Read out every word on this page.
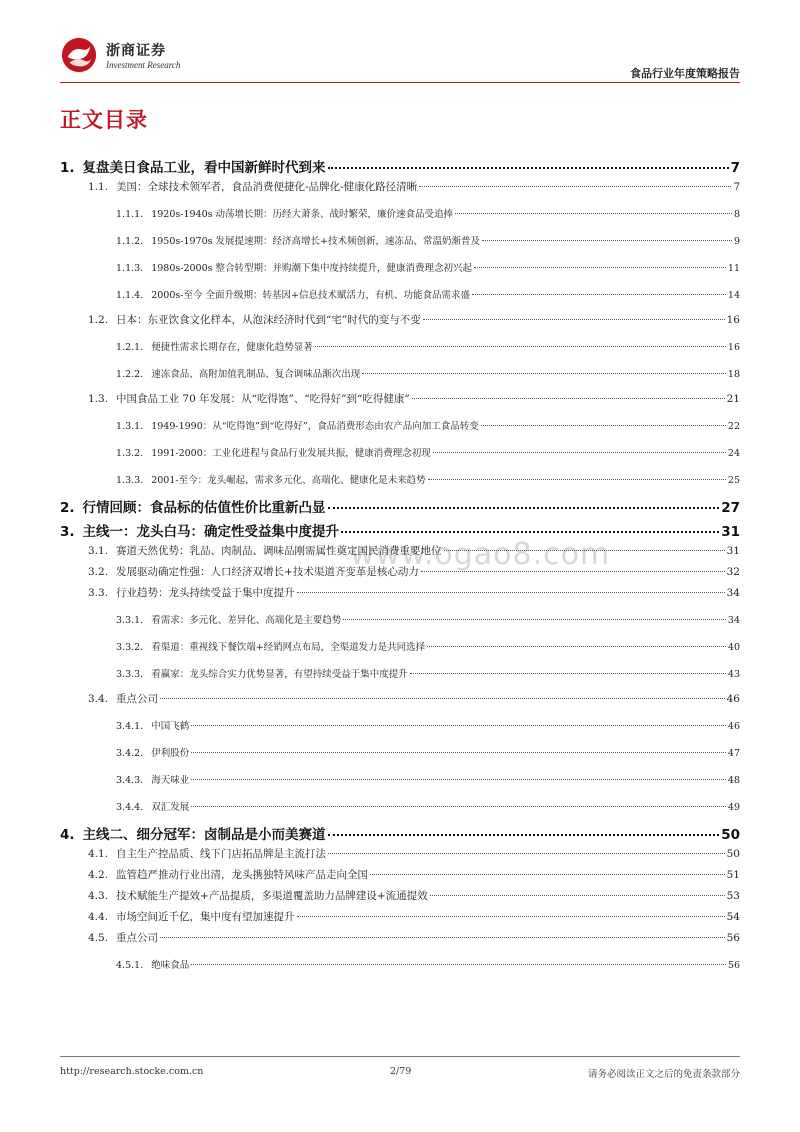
浙商证券
Investment Research
食品行业年度策略报告
正文目录
www.ogao8.com
1. 复盘美日食品工业，看中国新鲜时代到来	7
1.1. 美国：全球技术领军者，食品消费便捷化-品牌化-健康化路径清晰	7
1.1.1. 1920s-1940s 动荡增长期：历经大萧条、战时繁荣，廉价速食品受追捧	8
1.1.2. 1950s-1970s 发展提速期：经济高增长+技术频创新，速冻品、常温奶渐普及	9
1.1.3. 1980s-2000s 整合转型期：并购潮下集中度持续提升，健康消费理念初兴起	11
1.1.4. 2000s-至今 全面升级期：转基因+信息技术赋活力，有机、功能食品需求盛	14
1.2. 日本：东亚饮食文化样本，从泡沫经济时代到“宅”时代的变与不变	16
1.2.1. 便捷性需求长期存在，健康化趋势显著	16
1.2.2. 速冻食品、高附加值乳制品、复合调味品渐次出现	18
1.3. 中国食品工业 70 年发展：从“吃得饱”、“吃得好”到“吃得健康”	21
1.3.1. 1949-1990：从“吃得饱”到“吃得好”，食品消费形态由农产品向加工食品转变	22
1.3.2. 1991-2000：工业化进程与食品行业发展共振，健康消费理念初现	24
1.3.3. 2001-至今：龙头崛起，需求多元化、高端化、健康化是未来趋势	25
2. 行情回顾：食品标的估值性价比重新凸显	27
3. 主线一：龙头白马：确定性受益集中度提升	31
3.1. 赛道天然优势：乳品、肉制品、调味品刚需属性奠定国民消费重要地位	31
3.2. 发展驱动确定性强：人口经济双增长+技术渠道齐变革是核心动力	32
3.3. 行业趋势：龙头持续受益于集中度提升	34
3.3.1. 看需求：多元化、差异化、高端化是主要趋势	34
3.3.2. 看渠道：重视线下餐饮端+经销网点布局，全渠道发力是共同选择	40
3.3.3. 看赢家：龙头综合实力优势显著，有望持续受益于集中度提升	43
3.4. 重点公司	46
3.4.1. 中国飞鹤	46
3.4.2. 伊利股份	47
3.4.3. 海天味业	48
3.4.4. 双汇发展	49
4. 主线二、细分冠军：卤制品是小而美赛道	50
4.1. 自主生产控品质、线下门店拓品牌是主流打法	50
4.2. 监管趋严推动行业出清，龙头携独特风味产品走向全国	51
4.3. 技术赋能生产提效+产品提质，多渠道覆盖助力品牌建设+流通提效	53
4.4. 市场空间近千亿，集中度有望加速提升	54
4.5. 重点公司	56
4.5.1. 绝味食品	56
http://research.stocke.com.cn	2/79	请务必阅读正文之后的免责条款部分
